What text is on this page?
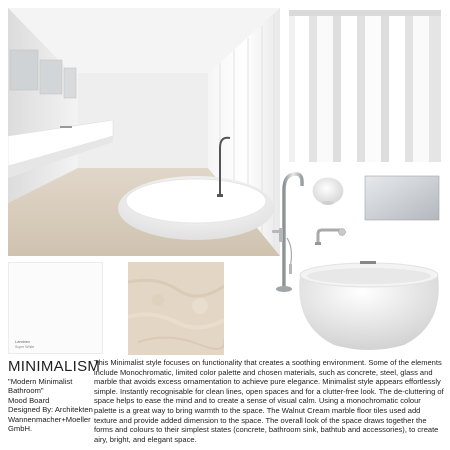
Laminex
Super White
MINIMALISM
"Modern Minimalist Bathroom"
Mood Board
Designed By: Architekten Wannenmacher+Moeller GmbH.
This Minimalist style focuses on functionality that creates a soothing environment. Some of the elements include Monochromatic, limited color palette and chosen materials, such as concrete, steel, glass and marble that avoids excess ornamentation to achieve pure elegance. Minimalist style appears effortlessly simple. Instantly recognisable for clean lines, open spaces and for a clutter-free look. The de-cluttering of space helps to ease the mind and to create a sense of visual calm. Using a monochromatic colour palette is a great way to bring warmth to the space. The Walnut Cream marble floor tiles used add texture and provide added dimension to the space. The overall look of the space draws together the forms and colours to their simplest states (concrete, bathroom sink, bathtub and accessories), to create airy, bright, and elegant space.
